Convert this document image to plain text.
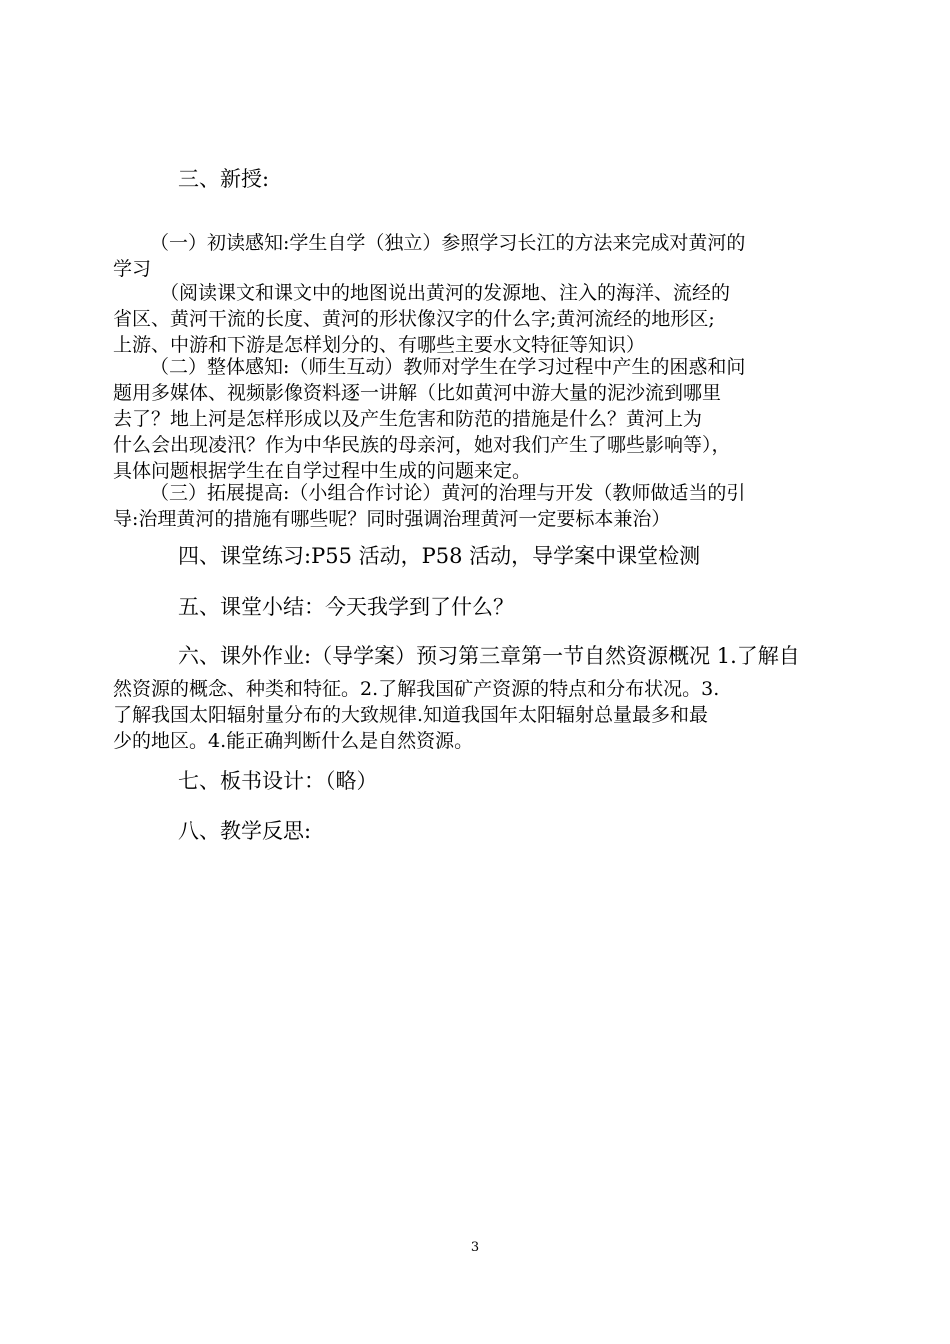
三、新授:
（一）初读感知:学生自学（独立）参照学习长江的方法来完成对黄河的
学习
（阅读课文和课文中的地图说出黄河的发源地、注入的海洋、流经的
省区、黄河干流的长度、黄河的形状像汉字的什么字;黄河流经的地形区;
上游、中游和下游是怎样划分的、有哪些主要水文特征等知识）
（二）整体感知:（师生互动）教师对学生在学习过程中产生的困惑和问
题用多媒体、视频影像资料逐一讲解（比如黄河中游大量的泥沙流到哪里
去了？地上河是怎样形成以及产生危害和防范的措施是什么？黄河上为
什么会出现凌汛？作为中华民族的母亲河，她对我们产生了哪些影响等），
具体问题根据学生在自学过程中生成的问题来定。
（三）拓展提高:（小组合作讨论）黄河的治理与开发（教师做适当的引
导:治理黄河的措施有哪些呢？同时强调治理黄河一定要标本兼治）
四、课堂练习:P55 活动，P58 活动，导学案中课堂检测
五、课堂小结：今天我学到了什么？
六、课外作业:（导学案）预习第三章第一节自然资源概况 1.了解自
然资源的概念、种类和特征。2.了解我国矿产资源的特点和分布状况。3.
了解我国太阳辐射量分布的大致规律.知道我国年太阳辐射总量最多和最
少的地区。4.能正确判断什么是自然资源。
七、板书设计：（略）
八、教学反思:
3
